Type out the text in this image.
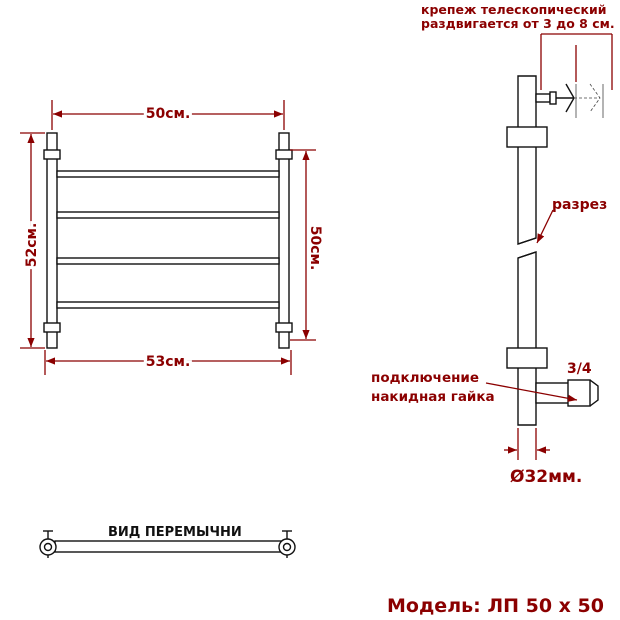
50см.
52см.	50см.
53см.
крепеж телескопический
раздвигается от 3 до 8 см.
разрез
подключение
накидная гайка
3/4
Ø32мм.
ВИД ПЕРЕМЫЧНИ
Модель: ЛП 50 х 50
